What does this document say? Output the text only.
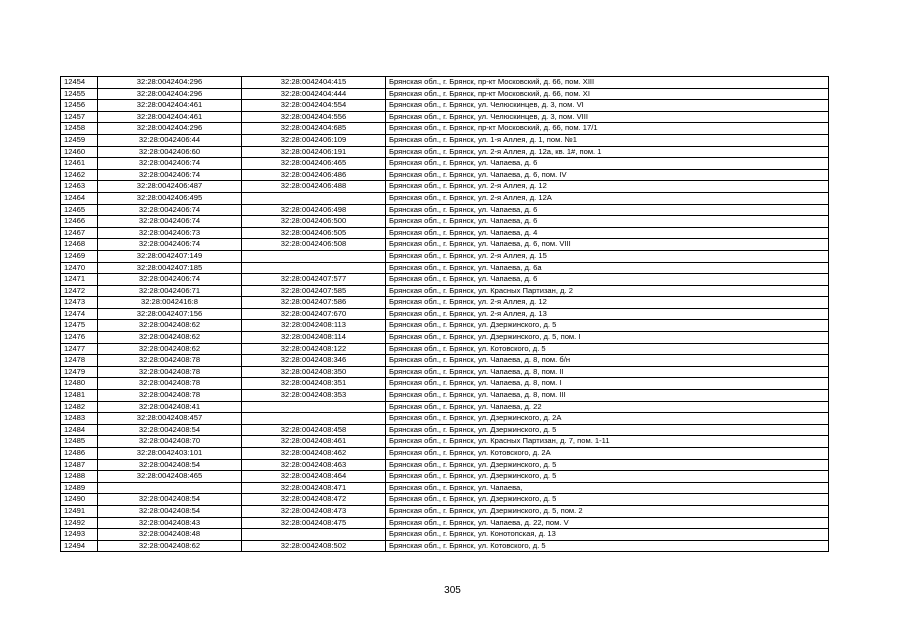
12454	32:28:0042404:296	32:28:0042404:415	Брянская обл., г. Брянск, пр-кт Московский, д. 66, пом. XIII
12455	32:28:0042404:296	32:28:0042404:444	Брянская обл., г. Брянск, пр-кт Московский, д. 66, пом. XI
12456	32:28:0042404:461	32:28:0042404:554	Брянская обл., г. Брянск, ул. Челюскинцев, д. 3, пом. VI
12457	32:28:0042404:461	32:28:0042404:556	Брянская обл., г. Брянск, ул. Челюскинцев, д. 3, пом. VIII
12458	32:28:0042404:296	32:28:0042404:685	Брянская обл., г. Брянск, пр-кт Московский, д. 66, пом. 17/1
12459	32:28:0042406:44	32:28:0042406:109	Брянская обл., г. Брянск, ул. 1-я Аллея, д. 1, пом. №1
12460	32:28:0042406:60	32:28:0042406:191	Брянская обл., г. Брянск, ул. 2-я Аллея, д. 12а, кв. 1#, пом. 1
12461	32:28:0042406:74	32:28:0042406:465	Брянская обл., г. Брянск, ул. Чапаева, д. 6
12462	32:28:0042406:74	32:28:0042406:486	Брянская обл., г. Брянск, ул. Чапаева, д. 6, пом. IV
12463	32:28:0042406:487	32:28:0042406:488	Брянская обл., г. Брянск, ул. 2-я Аллея, д. 12
12464	32:28:0042406:495		Брянская обл., г. Брянск, ул. 2-я Аллея, д. 12А
12465	32:28:0042406:74	32:28:0042406:498	Брянская обл., г. Брянск, ул. Чапаева, д. 6
12466	32:28:0042406:74	32:28:0042406:500	Брянская обл., г. Брянск, ул. Чапаева, д. 6
12467	32:28:0042406:73	32:28:0042406:505	Брянская обл., г. Брянск, ул. Чапаева, д. 4
12468	32:28:0042406:74	32:28:0042406:508	Брянская обл., г. Брянск, ул. Чапаева, д. 6, пом. VIII
12469	32:28:0042407:149		Брянская обл., г. Брянск, ул. 2-я Аллея, д. 15
12470	32:28:0042407:185		Брянская обл., г. Брянск, ул. Чапаева, д. 6а
12471	32:28:0042406:74	32:28:0042407:577	Брянская обл., г. Брянск, ул. Чапаева, д. 6
12472	32:28:0042406:71	32:28:0042407:585	Брянская обл., г. Брянск, ул. Красных Партизан, д. 2
12473	32:28:0042416:8	32:28:0042407:586	Брянская обл., г. Брянск, ул. 2-я Аллея, д. 12
12474	32:28:0042407:156	32:28:0042407:670	Брянская обл., г. Брянск, ул. 2-я Аллея, д. 13
12475	32:28:0042408:62	32:28:0042408:113	Брянская обл., г. Брянск, ул. Дзержинского, д. 5
12476	32:28:0042408:62	32:28:0042408:114	Брянская обл., г. Брянск, ул. Дзержинского, д. 5, пом. I
12477	32:28:0042408:62	32:28:0042408:122	Брянская обл., г. Брянск, ул. Котовского, д. 5
12478	32:28:0042408:78	32:28:0042408:346	Брянская обл., г. Брянск, ул. Чапаева, д. 8, пом. б/н
12479	32:28:0042408:78	32:28:0042408:350	Брянская обл., г. Брянск, ул. Чапаева, д. 8, пом. II
12480	32:28:0042408:78	32:28:0042408:351	Брянская обл., г. Брянск, ул. Чапаева, д. 8, пом. I
12481	32:28:0042408:78	32:28:0042408:353	Брянская обл., г. Брянск, ул. Чапаева, д. 8, пом. III
12482	32:28:0042408:41		Брянская обл., г. Брянск, ул. Чапаева, д. 22
12483	32:28:0042408:457		Брянская обл., г. Брянск, ул. Дзержинского, д. 2А
12484	32:28:0042408:54	32:28:0042408:458	Брянская обл., г. Брянск, ул. Дзержинского, д. 5
12485	32:28:0042408:70	32:28:0042408:461	Брянская обл., г. Брянск, ул. Красных Партизан, д. 7, пом. 1-11
12486	32:28:0042403:101	32:28:0042408:462	Брянская обл., г. Брянск, ул. Котовского, д. 2А
12487	32:28:0042408:54	32:28:0042408:463	Брянская обл., г. Брянск, ул. Дзержинского, д. 5
12488	32:28:0042408:465	32:28:0042408:464	Брянская обл., г. Брянск, ул. Дзержинского, д. 5
12489		32:28:0042408:471	Брянская обл., г. Брянск, ул. Чапаева,
12490	32:28:0042408:54	32:28:0042408:472	Брянская обл., г. Брянск, ул. Дзержинского, д. 5
12491	32:28:0042408:54	32:28:0042408:473	Брянская обл., г. Брянск, ул. Дзержинского, д. 5, пом. 2
12492	32:28:0042408:43	32:28:0042408:475	Брянская обл., г. Брянск, ул. Чапаева, д. 22, пом. V
12493	32:28:0042408:48		Брянская обл., г. Брянск, ул. Конотопская, д. 13
12494	32:28:0042408:62	32:28:0042408:502	Брянская обл., г. Брянск, ул. Котовского, д. 5
305
